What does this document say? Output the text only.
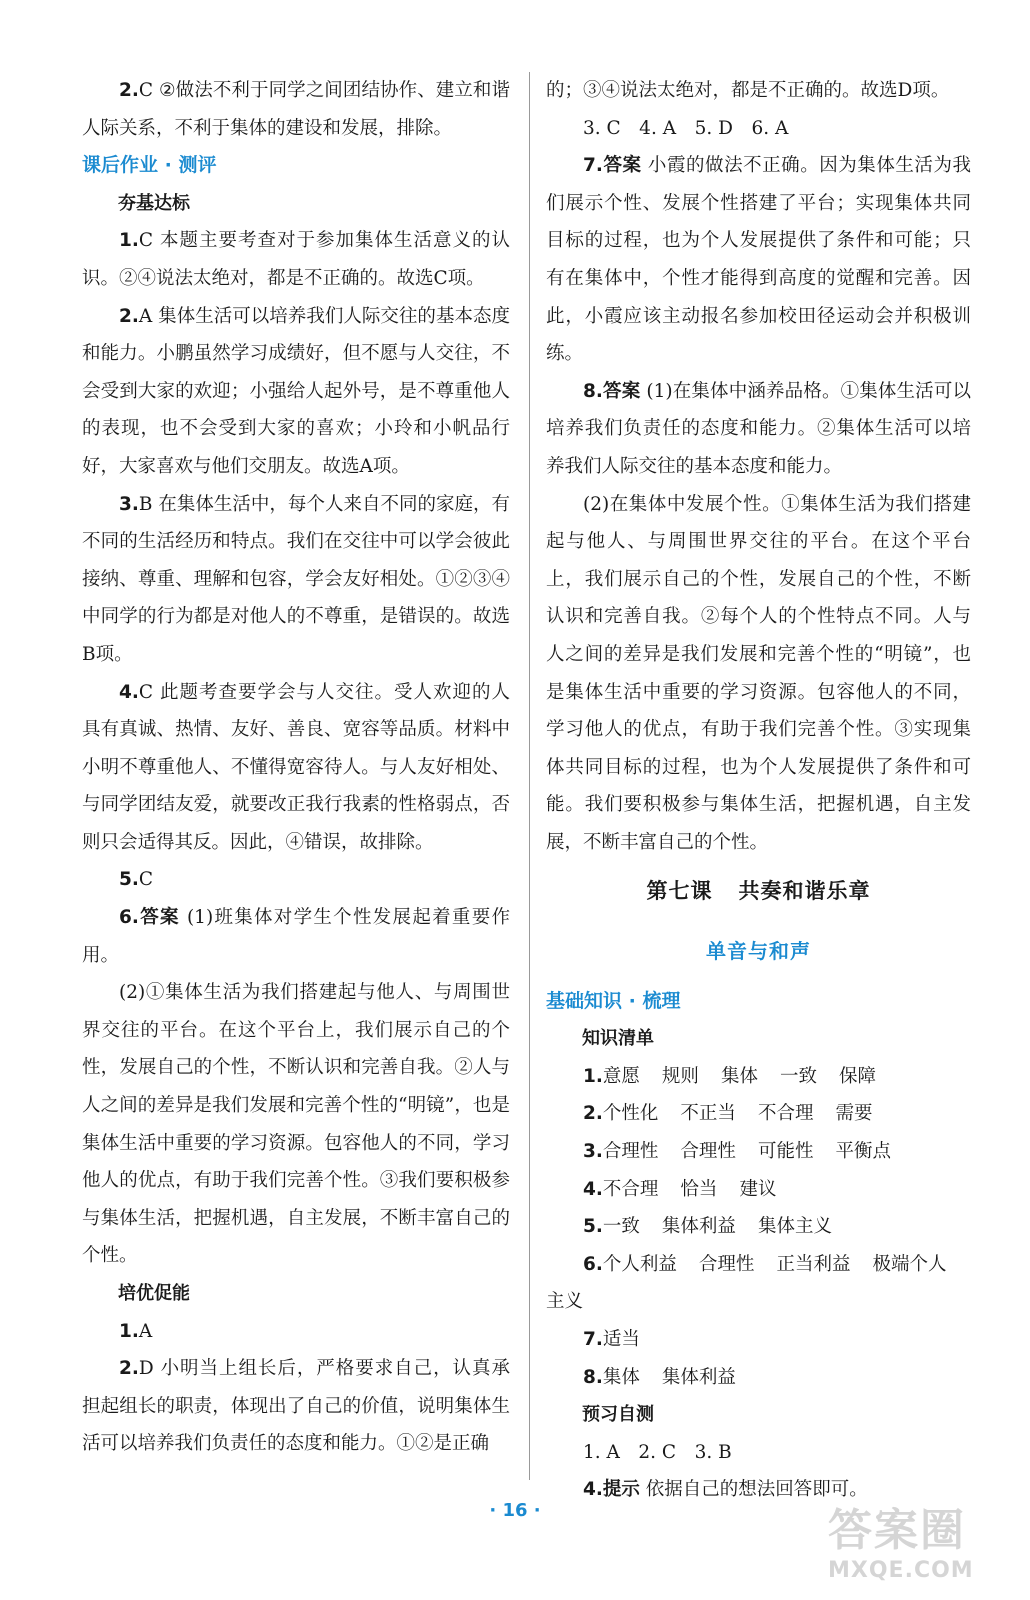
2.C ②做法不利于同学之间团结协作、建立和谐人际关系，不利于集体的建设和发展，排除。

课后作业 · 测评

夯基达标

1.C 本题主要考查对于参加集体生活意义的认识。②④说法太绝对，都是不正确的。故选C项。

2.A 集体生活可以培养我们人际交往的基本态度和能力。小鹏虽然学习成绩好，但不愿与人交往，不会受到大家的欢迎；小强给人起外号，是不尊重他人的表现，也不会受到大家的喜欢；小玲和小帆品行好，大家喜欢与他们交朋友。故选A项。

3.B 在集体生活中，每个人来自不同的家庭，有不同的生活经历和特点。我们在交往中可以学会彼此接纳、尊重、理解和包容，学会友好相处。①②③④中同学的行为都是对他人的不尊重，是错误的。故选B项。

4.C 此题考查要学会与人交往。受人欢迎的人具有真诚、热情、友好、善良、宽容等品质。材料中小明不尊重他人、不懂得宽容待人。与人友好相处、与同学团结友爱，就要改正我行我素的性格弱点，否则只会适得其反。因此，④错误，故排除。

5.C

6.答案 (1)班集体对学生个性发展起着重要作用。

(2)①集体生活为我们搭建起与他人、与周围世界交往的平台。在这个平台上，我们展示自己的个性，发展自己的个性，不断认识和完善自我。②人与人之间的差异是我们发展和完善个性的“明镜”，也是集体生活中重要的学习资源。包容他人的不同，学习他人的优点，有助于我们完善个性。③我们要积极参与集体生活，把握机遇，自主发展，不断丰富自己的个性。

培优促能

1.A

2.D 小明当上组长后，严格要求自己，认真承担起组长的职责，体现出了自己的价值，说明集体生活可以培养我们负责任的态度和能力。①②是正确

的；③④说法太绝对，都是不正确的。故选D项。

3. C　4. A　5. D　6. A

7.答案 小霞的做法不正确。因为集体生活为我们展示个性、发展个性搭建了平台；实现集体共同目标的过程，也为个人发展提供了条件和可能；只有在集体中，个性才能得到高度的觉醒和完善。因此，小霞应该主动报名参加校田径运动会并积极训练。

8.答案 (1)在集体中涵养品格。①集体生活可以培养我们负责任的态度和能力。②集体生活可以培养我们人际交往的基本态度和能力。

(2)在集体中发展个性。①集体生活为我们搭建起与他人、与周围世界交往的平台。在这个平台上，我们展示自己的个性，发展自己的个性，不断认识和完善自我。②每个人的个性特点不同。人与人之间的差异是我们发展和完善个性的“明镜”，也是集体生活中重要的学习资源。包容他人的不同，学习他人的优点，有助于我们完善个性。③实现集体共同目标的过程，也为个人发展提供了条件和可能。我们要积极参与集体生活，把握机遇，自主发展，不断丰富自己的个性。

第七课 共奏和谐乐章

单音与和声

基础知识 · 梳理

知识清单

1.意愿 规则 集体 一致 保障

2.个性化 不正当 不合理 需要

3.合理性 合理性 可能性 平衡点

4.不合理 恰当 建议

5.一致 集体利益 集体主义

6.个人利益 合理性 正当利益 极端个人

主义

7.适当

8.集体 集体利益

预习自测

1. A　2. C　3. B

4.提示 依据自己的想法回答即可。

· 16 ·	答案圈
MXQE.COM
